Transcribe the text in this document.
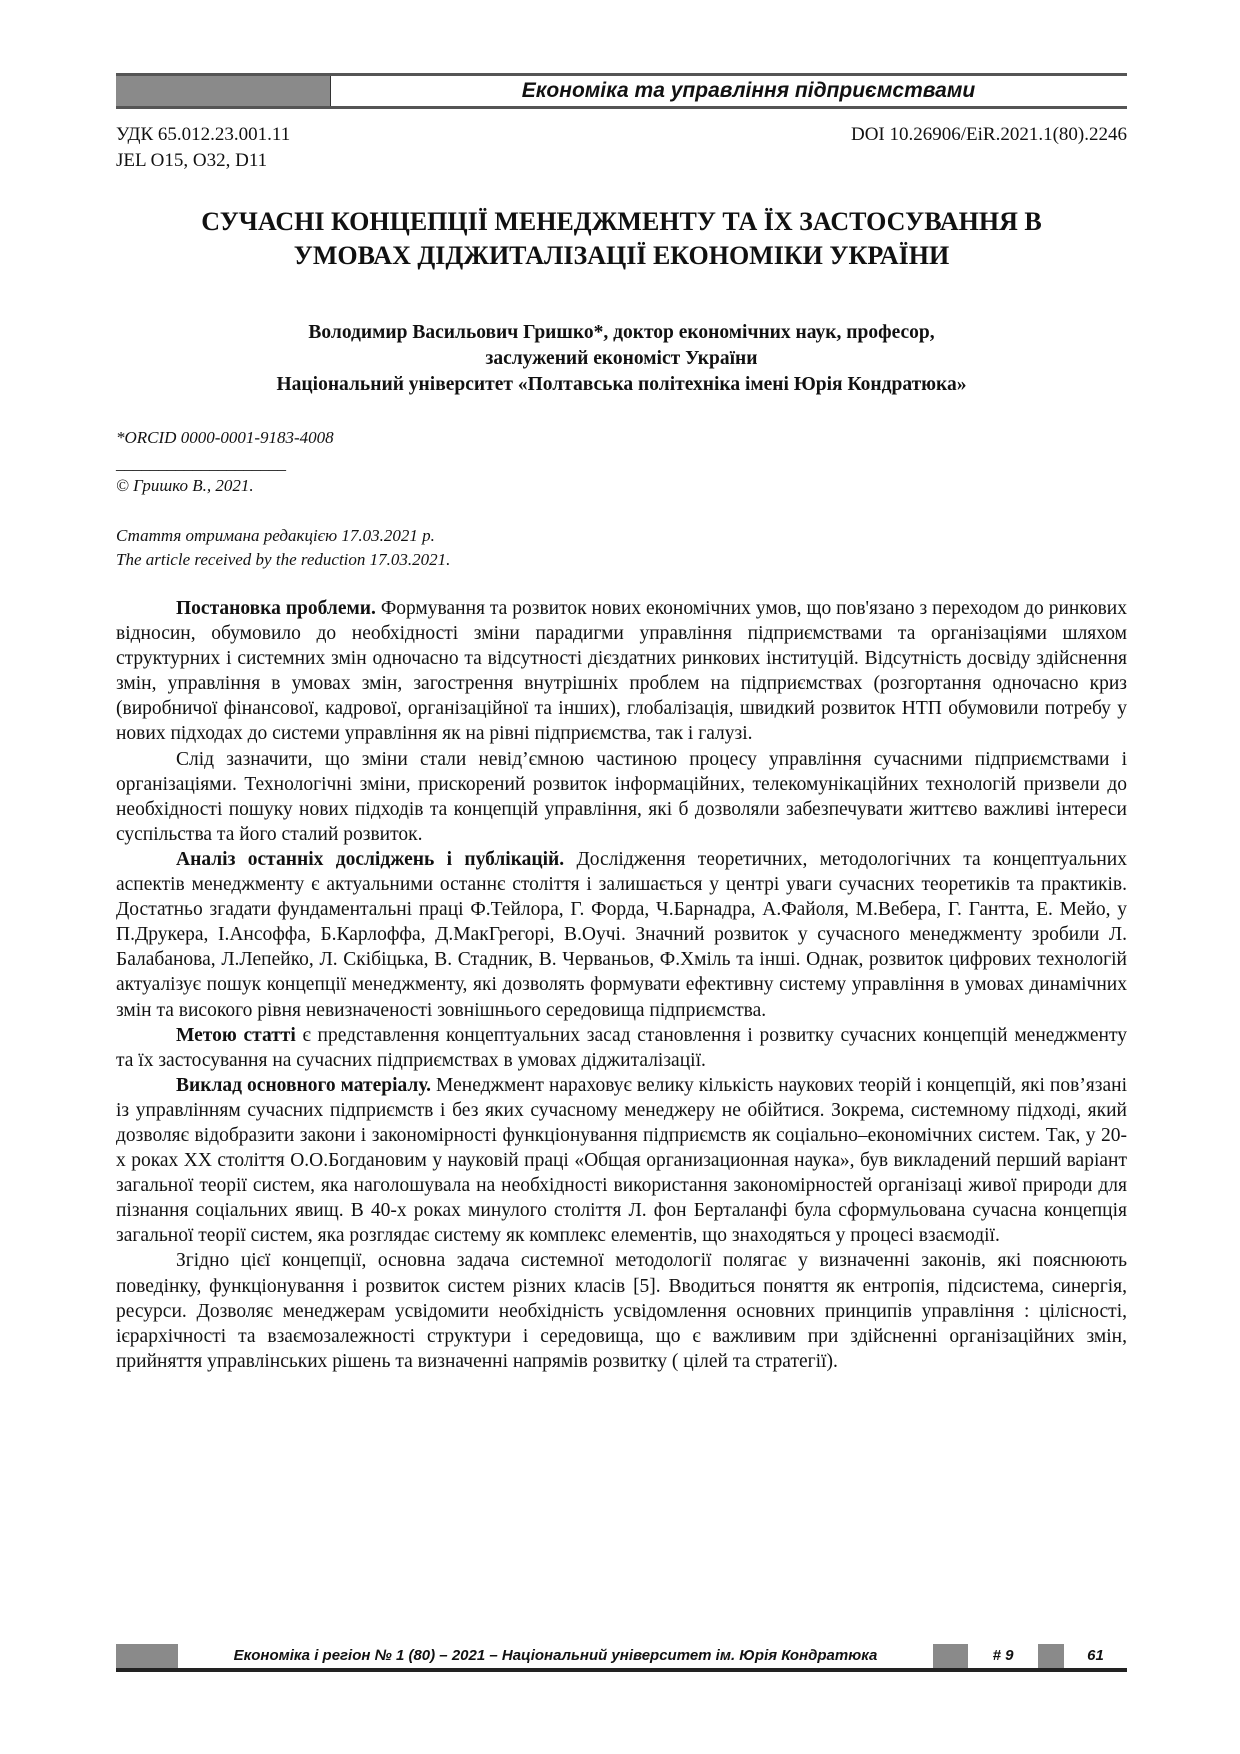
Економіка та управління підприємствами
УДК 65.012.23.001.11
JEL O15, O32, D11
DOI 10.26906/EiR.2021.1(80).2246
СУЧАСНІ КОНЦЕПЦІЇ МЕНЕДЖМЕНТУ ТА ЇХ ЗАСТОСУВАННЯ В
УМОВАХ ДІДЖИТАЛІЗАЦІЇ ЕКОНОМІКИ УКРАЇНИ
Володимир Васильович Гришко*, доктор економічних наук, професор,
заслужений економіст України
Національний університет «Полтавська політехніка імені Юрія Кондратюка»
*ORCID 0000-0001-9183-4008
____________________
© Гришко В., 2021.
Стаття отримана редакцією 17.03.2021 р.
The article received by the reduction 17.03.2021.

Постановка проблеми. Формування та розвиток нових економічних умов, що пов'язано з переходом до ринкових відносин, обумовило до необхідності зміни парадигми управління підприємствами та організаціями шляхом структурних і системних змін одночасно та відсутності дієздатних ринкових інституцій. Відсутність досвіду здійснення змін, управління в умовах змін, загострення внутрішніх проблем на підприємствах (розгортання одночасно криз (виробничої фінансової, кадрової, організаційної та інших), глобалізація, швидкий розвиток НТП обумовили потребу у нових підходах до системи управління як на рівні підприємства, так і галузі.

Слід зазначити, що зміни стали невід’ємною частиною процесу управління сучасними підприємствами і організаціями. Технологічні зміни, прискорений розвиток інформаційних, телекомунікаційних технологій призвели до необхідності пошуку нових підходів та концепцій управління, які б дозволяли забезпечувати життєво важливі інтереси суспільства та його сталий розвиток.

Аналіз останніх досліджень і публікацій. Дослідження теоретичних, методологічних та концептуальних аспектів менеджменту є актуальними останнє століття і залишається у центрі уваги сучасних теоретиків та практиків. Достатньо згадати фундаментальні праці Ф.Тейлора, Г. Форда, Ч.Барнадра, А.Файоля, М.Вебера, Г. Гантта, Е. Мейо, у П.Друкера, І.Ансоффа, Б.Карлоффа, Д.МакГрегорі, В.Оучі. Значний розвиток у сучасного менеджменту зробили Л. Балабанова, Л.Лепейко, Л. Скібіцька, В. Стадник, В. Черваньов, Ф.Хміль та інші. Однак, розвиток цифрових технологій актуалізує пошук концепції менеджменту, які дозволять формувати ефективну систему управління в умовах динамічних змін та високого рівня невизначеності зовнішнього середовища підприємства.

Метою статті є представлення концептуальних засад становлення і розвитку сучасних концепцій менеджменту та їх застосування на сучасних підприємствах в умовах діджиталізації.

Виклад основного матеріалу. Менеджмент нараховує велику кількість наукових теорій і концепцій, які пов’язані із управлінням сучасних підприємств і без яких сучасному менеджеру не обійтися. Зокрема, системному підході, який дозволяє відобразити закони і закономірності функціонування підприємств як соціально–економічних систем. Так, у 20-х роках ХХ століття О.О.Богдановим у науковій праці «Общая организационная наука», був викладений перший варіант загальної теорії систем, яка наголошувала на необхідності використання закономірностей організаці живої природи для пізнання соціальних явищ. В 40-х роках минулого століття Л. фон Берталанфі була сформульована сучасна концепція загальної теорії систем, яка розглядає систему як комплекс елементів, що знаходяться у процесі взаємодії.

Згідно цієї концепції, основна задача системної методології полягає у визначенні законів, які пояснюють поведінку, функціонування і розвиток систем різних класів [5]. Вводиться поняття як ентропія, підсистема, синергія, ресурси. Дозволяє менеджерам усвідомити необхідність усвідомлення основних принципів управління : цілісності, ієрархічності та взаємозалежності структури і середовища, що є важливим при здійсненні організаційних змін, прийняття управлінських рішень та визначенні напрямів розвитку ( цілей та стратегії).

Економіка і регіон № 1 (80) – 2021 – Національний університет ім. Юрія Кондратюка	# 9	61
